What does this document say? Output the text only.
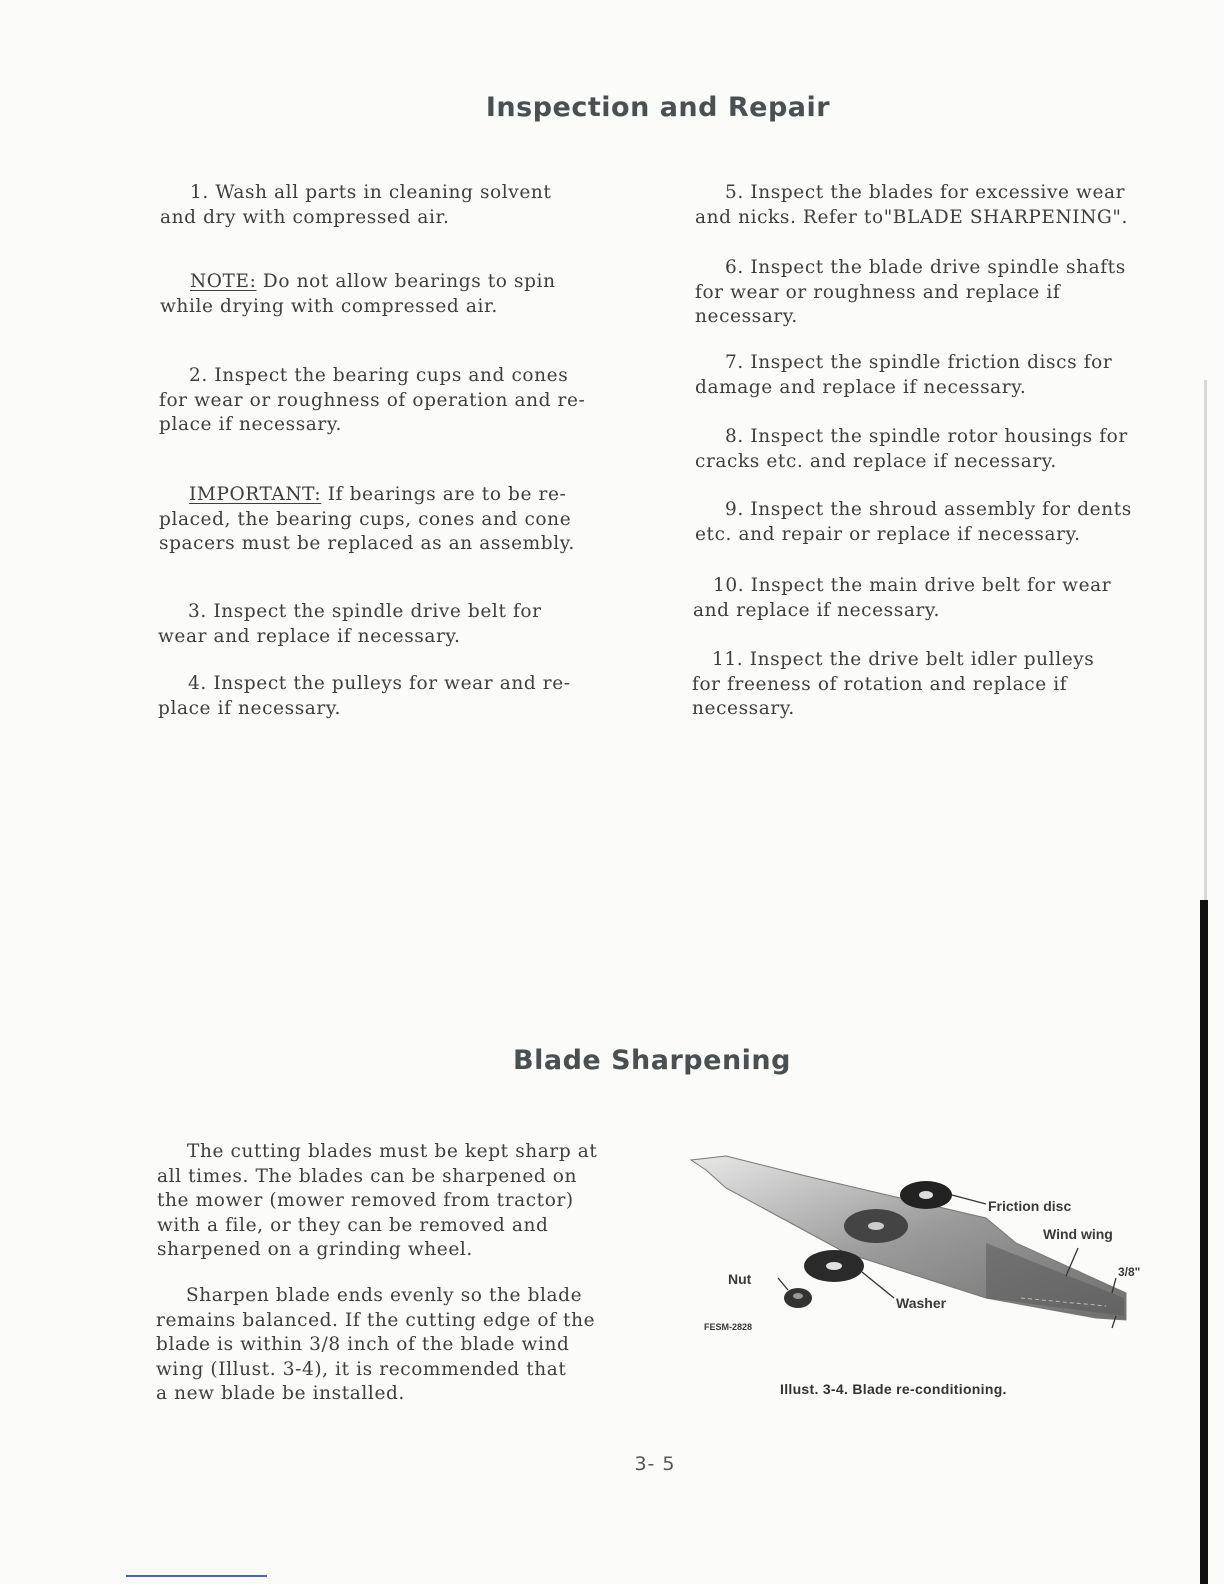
Inspection and Repair

1. Wash all parts in cleaning solvent
and dry with compressed air.

NOTE: Do not allow bearings to spin
while drying with compressed air.

2. Inspect the bearing cups and cones
for wear or roughness of operation and re-
place if necessary.

IMPORTANT: If bearings are to be re-
placed, the bearing cups, cones and cone
spacers must be replaced as an assembly.

3. Inspect the spindle drive belt for
wear and replace if necessary.

4. Inspect the pulleys for wear and re-
place if necessary.

5. Inspect the blades for excessive wear
and nicks. Refer to"BLADE SHARPENING".

6. Inspect the blade drive spindle shafts
for wear or roughness and replace if
necessary.

7. Inspect the spindle friction discs for
damage and replace if necessary.

8. Inspect the spindle rotor housings for
cracks etc. and replace if necessary.

9. Inspect the shroud assembly for dents
etc. and repair or replace if necessary.

10. Inspect the main drive belt for wear
and replace if necessary.

11. Inspect the drive belt idler pulleys
for freeness of rotation and replace if
necessary.

Blade Sharpening

The cutting blades must be kept sharp at
all times. The blades can be sharpened on
the mower (mower removed from tractor)
with a file, or they can be removed and
sharpened on a grinding wheel.

Sharpen blade ends evenly so the blade
remains balanced. If the cutting edge of the
blade is within 3/8 inch of the blade wind
wing (Illust. 3-4), it is recommended that
a new blade be installed.

Friction disc
Wind wing
Nut
Washer
3/8"
FESM-2828
Illust. 3-4. Blade re-conditioning.
3- 5
